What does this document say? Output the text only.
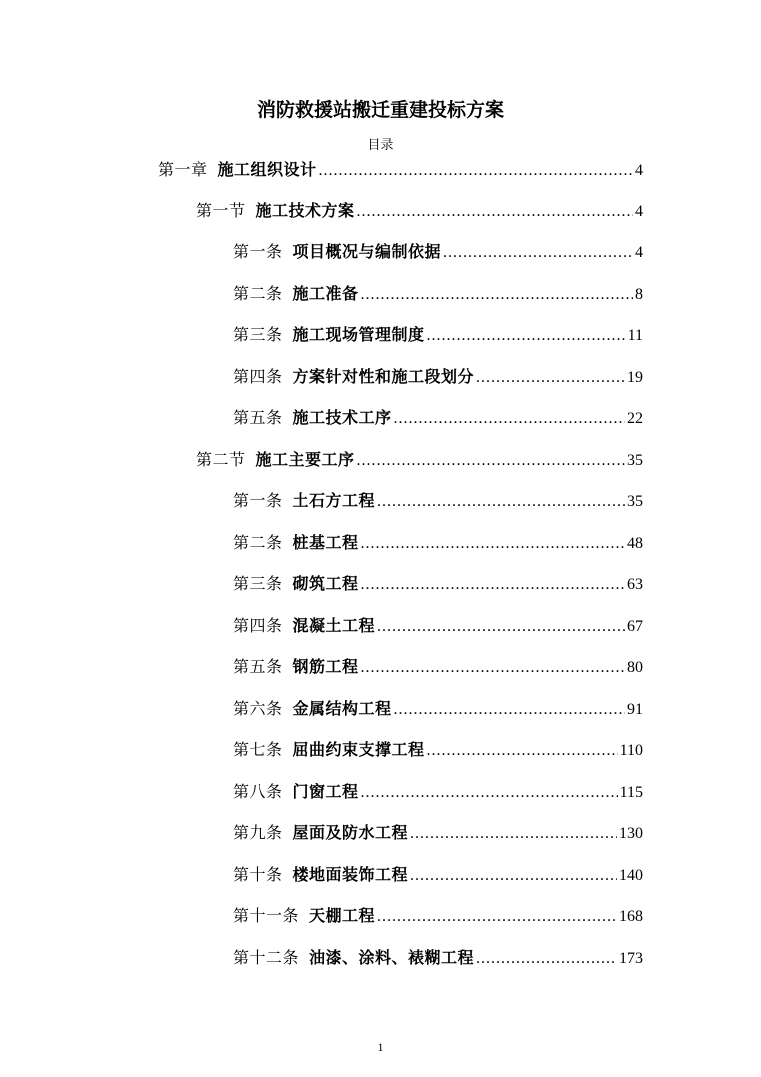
消防救援站搬迁重建投标方案
目录
第一章 施工组织设计 .....	4
第一节 施工技术方案 .....	4
第一条 项目概况与编制依据 .....	4
第二条 施工准备 .....	8
第三条 施工现场管理制度 .....	11
第四条 方案针对性和施工段划分 .....	19
第五条 施工技术工序 .....	22
第二节 施工主要工序 .....	35
第一条 土石方工程 .....	35
第二条 桩基工程 .....	48
第三条 砌筑工程 .....	63
第四条 混凝土工程 .....	67
第五条 钢筋工程 .....	80
第六条 金属结构工程 .....	91
第七条 屈曲约束支撑工程 .....	110
第八条 门窗工程 .....	115
第九条 屋面及防水工程 .....	130
第十条 楼地面装饰工程 .....	140
第十一条 天棚工程 .....	168
第十二条 油漆、涂料、裱糊工程 .....	173
1
